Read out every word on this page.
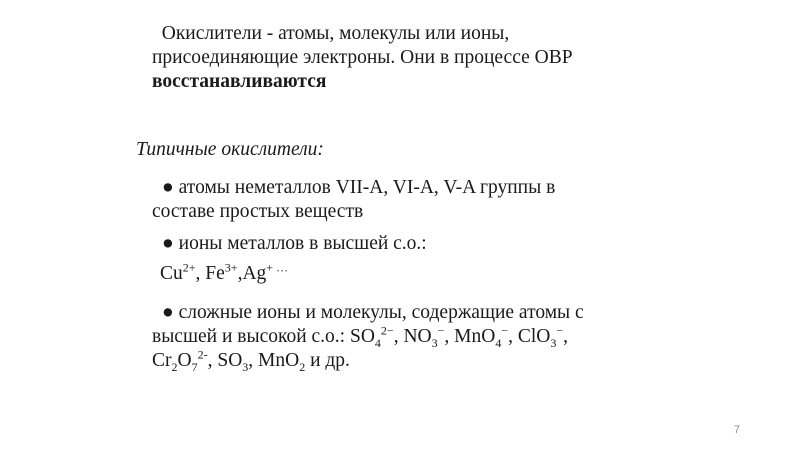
Окислители - атомы, молекулы или ионы,
присоединяющие электроны. Они в процессе ОВР
восстанавливаются
Типичные окислители:
● атомы неметаллов VII-A, VI-A, V-A группы в
составе простых веществ
● ионы металлов в высшей с.о.:
$Cu^{2+}$, $Fe^{3+},Ag^{+ \dots}$
● сложные ионы и молекулы, содержащие атомы с
высшей и высокой с.о.: $SO_4^{2-}$, $NO_3^-$, MnO$_4$−, ClO$_3$−,
$Cr_2O_7^{2-}$, $SO_3$, MnO$_2$ и др.
7
